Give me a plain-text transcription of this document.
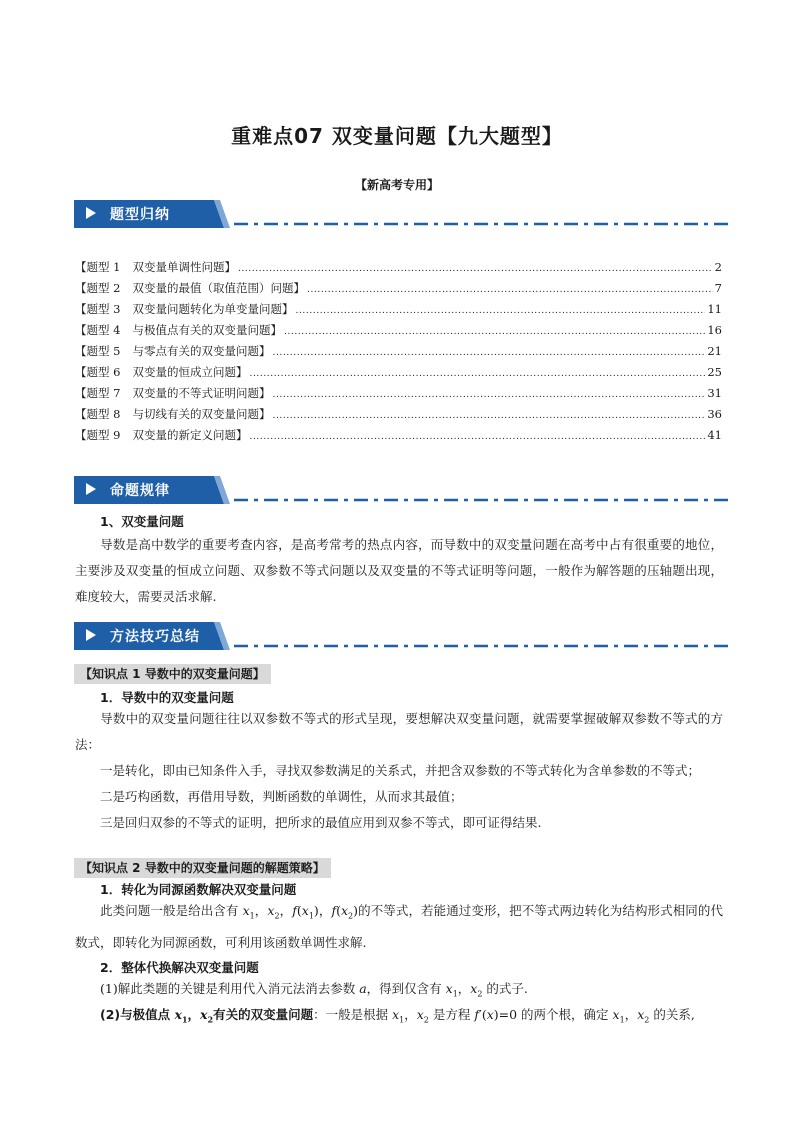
重难点07 双变量问题【九大题型】
【新高考专用】
题型归纳
【题型 1 双变量单调性问题】 .....	2
【题型 2 双变量的最值（取值范围）问题】 .....	7
【题型 3 双变量问题转化为单变量问题】 .....	11
【题型 4 与极值点有关的双变量问题】 .....	16
【题型 5 与零点有关的双变量问题】 .....	21
【题型 6 双变量的恒成立问题】 .....	25
【题型 7 双变量的不等式证明问题】 .....	31
【题型 8 与切线有关的双变量问题】 .....	36
【题型 9 双变量的新定义问题】 .....	41
命题规律
1、双变量问题
导数是高中数学的重要考查内容，是高考常考的热点内容，而导数中的双变量问题在高考中占有很重要的地位，主要涉及双变量的恒成立问题、双参数不等式问题以及双变量的不等式证明等问题，一般作为解答题的压轴题出现，难度较大，需要灵活求解.
方法技巧总结
【知识点 1 导数中的双变量问题】
1．导数中的双变量问题
导数中的双变量问题往往以双参数不等式的形式呈现，要想解决双变量问题，就需要掌握破解双参数不等式的方法：
一是转化，即由已知条件入手，寻找双参数满足的关系式，并把含双参数的不等式转化为含单参数的不等式；
二是巧构函数，再借用导数，判断函数的单调性，从而求其最值；
三是回归双参的不等式的证明，把所求的最值应用到双参不等式，即可证得结果.
【知识点 2 导数中的双变量问题的解题策略】
1．转化为同源函数解决双变量问题
此类问题一般是给出含有 $x_1$，$x_2$，$f(x_1)$，$f(x_2)$的不等式，若能通过变形，把不等式两边转化为结构形式相同的代数式，即转化为同源函数，可利用该函数单调性求解.
2．整体代换解决双变量问题
(1)解此类题的关键是利用代入消元法消去参数 a，得到仅含有 $x_1$，$x_2$ 的式子.
(2)与极值点 $x_1$，$x_2$有关的双变量问题：一般是根据 $x_1$，$x_2$ 是方程 f′(x)=0 的两个根，确定 $x_1$，$x_2$ 的关系,
